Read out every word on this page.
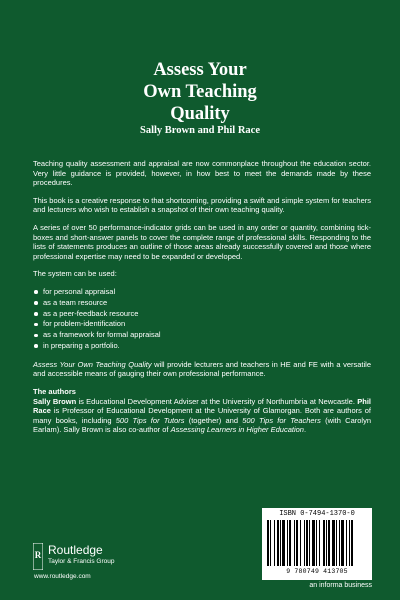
Assess Your
Own Teaching
Quality
Sally Brown and Phil Race

Teaching quality assessment and appraisal are now commonplace throughout the education sector. Very little guidance is provided, however, in how best to meet the demands made by these procedures.

This book is a creative response to that shortcoming, providing a swift and simple system for teachers and lecturers who wish to establish a snapshot of their own teaching quality.

A series of over 50 performance-indicator grids can be used in any order or quantity, combining tick-boxes and short-answer panels to cover the complete range of professional skills. Responding to the lists of statements produces an outline of those areas already successfully covered and those where professional expertise may need to be expanded or developed.

The system can be used:

for personal appraisal
as a team resource
as a peer-feedback resource
for problem-identification
as a framework for formal appraisal
in preparing a portfolio.

Assess Your Own Teaching Quality will provide lecturers and teachers in HE and FE with a versatile and accessible means of gauging their own professional performance.

The authors

Sally Brown is Educational Development Adviser at the University of Northumbria at Newcastle. Phil Race is Professor of Educational Development at the University of Glamorgan. Both are authors of many books, including 500 Tips for Tutors (together) and 500 Tips for Teachers (with Carolyn Earlam). Sally Brown is also co-author of Assessing Learners in Higher Education.

R Routledge
Taylor & Francis Group
www.routledge.com
ISBN 0-7494-1370-0
9 780749 413705
an informa business
